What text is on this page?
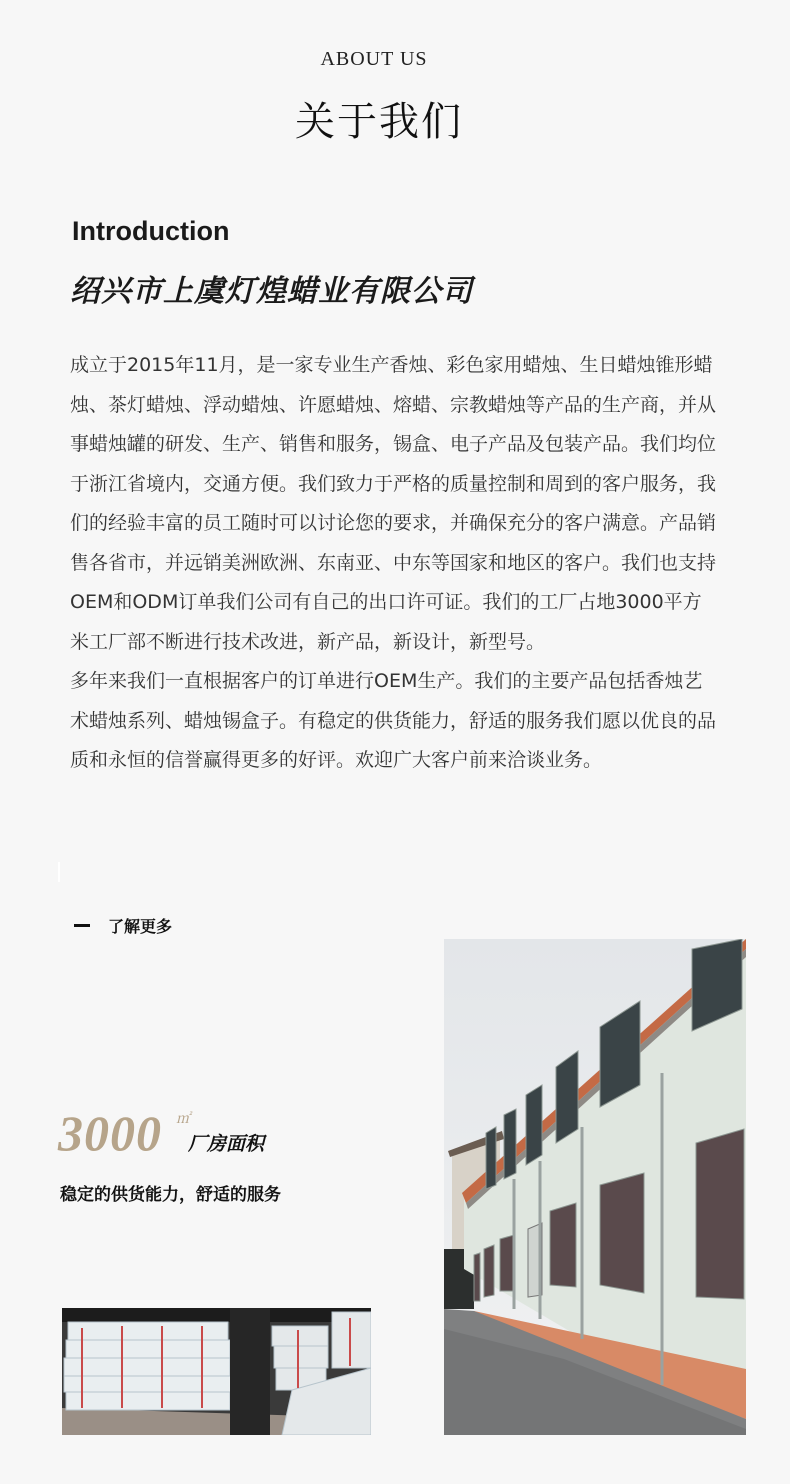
ABOUT US
关于我们
Introduction
绍兴市上虞灯煌蜡业有限公司

成立于2015年11月，是一家专业生产香烛、彩色家用蜡烛、生日蜡烛锥形蜡烛、茶灯蜡烛、浮动蜡烛、许愿蜡烛、熔蜡、宗教蜡烛等产品的生产商，并从事蜡烛罐的研发、生产、销售和服务，锡盒、电子产品及包装产品。我们均位于浙江省境内，交通方便。我们致力于严格的质量控制和周到的客户服务，我们的经验丰富的员工随时可以讨论您的要求，并确保充分的客户满意。产品销售各省市，并远销美洲欧洲、东南亚、中东等国家和地区的客户。我们也支持OEM和ODM订单我们公司有自己的出口许可证。我们的工厂占地3000平方米工厂部不断进行技术改进，新产品，新设计，新型号。

多年来我们一直根据客户的订单进行OEM生产。我们的主要产品包括香烛艺术蜡烛系列、蜡烛锡盒子。有稳定的供货能力，舒适的服务我们愿以优良的品质和永恒的信誉赢得更多的好评。欢迎广大客户前来洽谈业务。

了解更多
3000 ㎡
厂房面积
稳定的供货能力，舒适的服务
